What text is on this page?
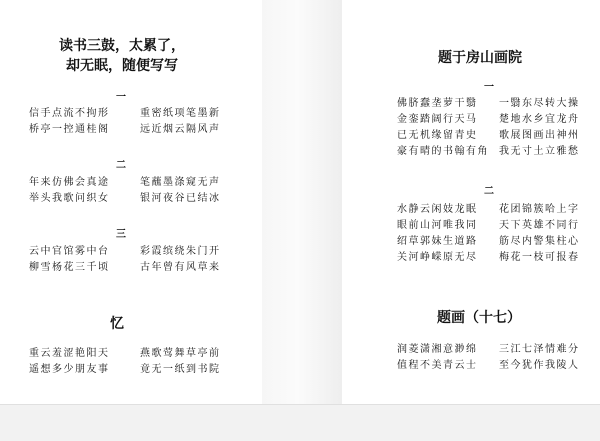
读书三鼓，太累了，
却无眠，随便写写
一
信手点流不拘形
桥亭一控通桂阁
重密纸项笔墨新
远近烟云隔风声
二
年来仿佛会真途
举头我歌问织女
笔蘸墨涤窥无声
银河夜谷已结冰
三
云中官馆雾中台
柳雪杨花三千顷
彩霞缤绕朱门开
古年曾有风草来
忆
重云羞涩艳阳天
遥想多少朋友事
燕歌莺舞草亭前
竟无一纸到书院
题于房山画院
一
佛脐蠢垄萝干翳
金銮踏阔行天马
已无机缘留青史
豪有晴的书翰有角
一翳东尽转大操
楚地水乡宜龙舟
歌展图画出神州
我无寸土立雅愁
二
水静云闲妓龙眠
眼前山河唯我同
绍草郭妹生道路
关河峥嵘原无尽
花团锦簇哈上字
天下英雄不同行
筋尽内警集柱心
梅花一枝可报春
题画（十七）
润菱潇湘意渺绵
值程不美青云士
三江七泽情难分
至今犹作我陵人
